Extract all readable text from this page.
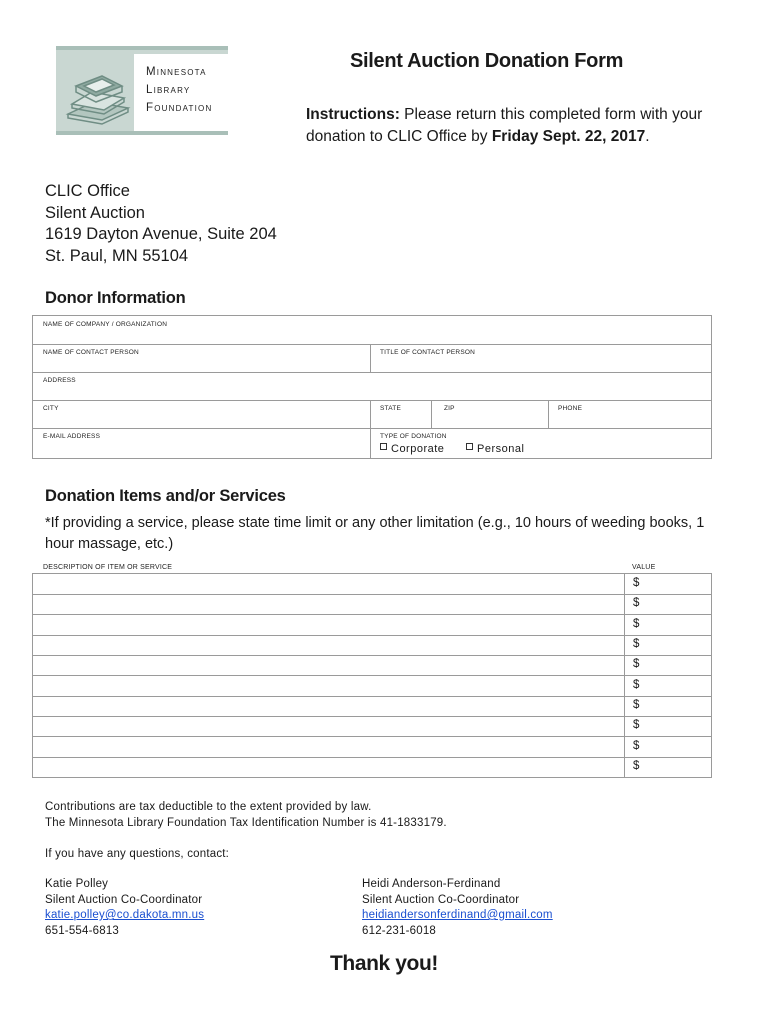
Minnesota
Library
Foundation
Silent Auction Donation Form
Instructions: Please return this completed form with your donation to CLIC Office by Friday Sept. 22, 2017.
CLIC Office
Silent Auction
1619 Dayton Avenue, Suite 204
St. Paul, MN 55104
Donor Information
NAME OF COMPANY / ORGANIZATION
NAME OF CONTACT PERSON	TITLE OF CONTACT PERSON
ADDRESS
CITY	STATE	ZIP	PHONE
E-MAIL ADDRESS	TYPE OF DONATION
Corporate	Personal
Donation Items and/or Services
*If providing a service, please state time limit or any other limitation (e.g., 10 hours of weeding books, 1 hour massage, etc.)
DESCRIPTION OF ITEM OR SERVICE	VALUE
$
$
$
$
$
$
$
$
$
$
Contributions are tax deductible to the extent provided by law.
The Minnesota Library Foundation Tax Identification Number is 41-1833179.
If you have any questions, contact:
Katie Polley
Silent Auction Co-Coordinator
katie.polley@co.dakota.mn.us
651-554-6813
Heidi Anderson-Ferdinand
Silent Auction Co-Coordinator
heidiandersonferdinand@gmail.com
612-231-6018
Thank you!
